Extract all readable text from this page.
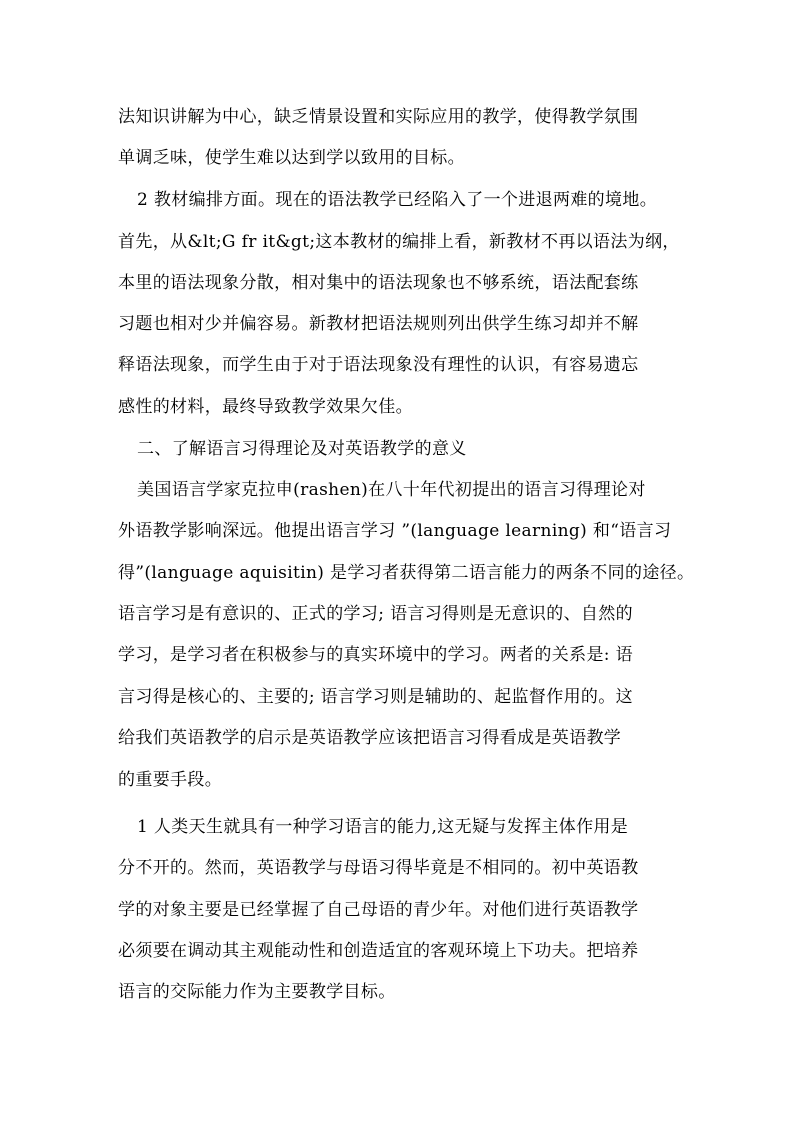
法知识讲解为中心，缺乏情景设置和实际应用的教学，使得教学氛围
单调乏味，使学生难以达到学以致用的目标。
2 教材编排方面。现在的语法教学已经陷入了一个进退两难的境地。
首先，从&lt;G fr it&gt;这本教材的编排上看，新教材不再以语法为纲，
本里的语法现象分散，相对集中的语法现象也不够系统，语法配套练
习题也相对少并偏容易。新教材把语法规则列出供学生练习却并不解
释语法现象，而学生由于对于语法现象没有理性的认识，有容易遗忘
感性的材料，最终导致教学效果欠佳。
二、了解语言习得理论及对英语教学的意义
美国语言学家克拉申(rashen)在八十年代初提出的语言习得理论对
外语教学影响深远。他提出语言学习 ”(language learning) 和“语言习
得”(language aquisitin) 是学习者获得第二语言能力的两条不同的途径。
语言学习是有意识的、正式的学习; 语言习得则是无意识的、自然的
学习，是学习者在积极参与的真实环境中的学习。两者的关系是: 语
言习得是核心的、主要的; 语言学习则是辅助的、起监督作用的。这
给我们英语教学的启示是英语教学应该把语言习得看成是英语教学
的重要手段。
1 人类天生就具有一种学习语言的能力,这无疑与发挥主体作用是
分不开的。然而，英语教学与母语习得毕竟是不相同的。初中英语教
学的对象主要是已经掌握了自己母语的青少年。对他们进行英语教学
必须要在调动其主观能动性和创造适宜的客观环境上下功夫。把培养
语言的交际能力作为主要教学目标。
